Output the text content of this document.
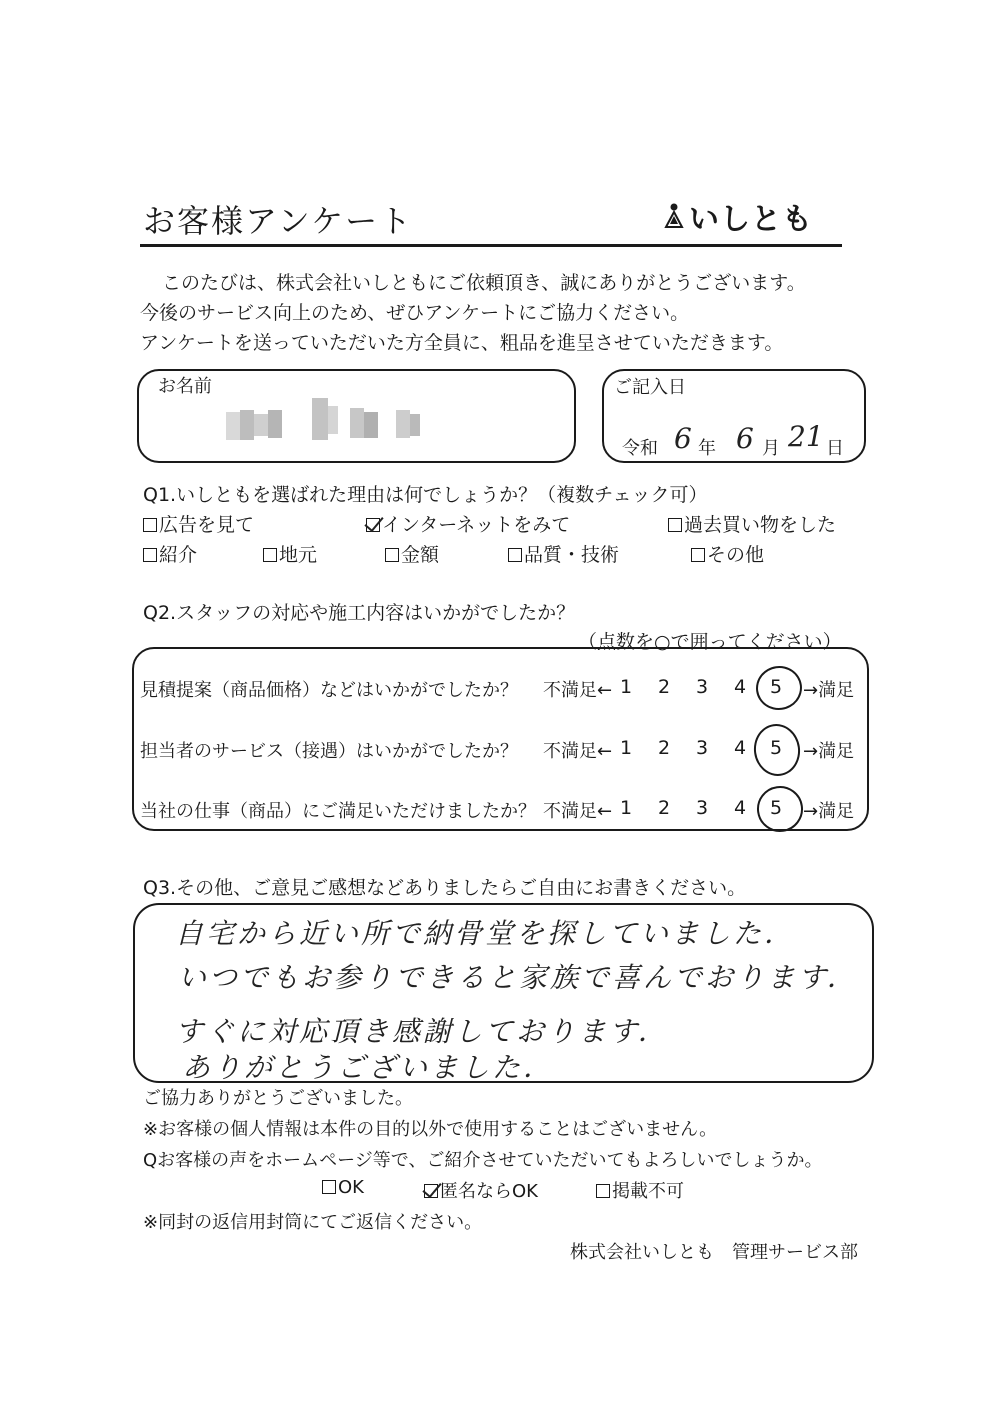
お客様アンケート	いしとも
このたびは、株式会社いしともにご依頼頂き、誠にありがとうございます。
今後のサービス向上のため、ぜひアンケートにご協力ください。
アンケートを送っていただいた方全員に、粗品を進呈させていただきます。
お名前	ご記入日
令和 6 年 6 月 21 日
Q1.いしともを選ばれた理由は何でしょうか？（複数チェック可）
広告を見て	インターネットをみて	過去買い物をした
紹介	地元	金額	品質・技術	その他
Q2.スタッフの対応や施工内容はいかがでしたか？
（点数を○で囲ってください）
見積提案（商品価格）などはいかがでしたか？ 不満足← 1 2 3 4 5 →満足
担当者のサービス（接遇）はいかがでしたか？ 不満足← 1 2 3 4 5 →満足
当社の仕事（商品）にご満足いただけましたか？ 不満足← 1 2 3 4 5 →満足
Q3.その他、ご意見ご感想などありましたらご自由にお書きください。
自宅から近い所で納骨堂を探していました．
いつでもお参りできると家族で喜んでおります．
すぐに対応頂き感謝しております．
ありがとうございました．
ご協力ありがとうございました。
※お客様の個人情報は本件の目的以外で使用することはございません。
Qお客様の声をホームページ等で、ご紹介させていただいてもよろしいでしょうか。
OK	匿名ならOK	掲載不可
※同封の返信用封筒にてご返信ください。
株式会社いしとも　管理サービス部
